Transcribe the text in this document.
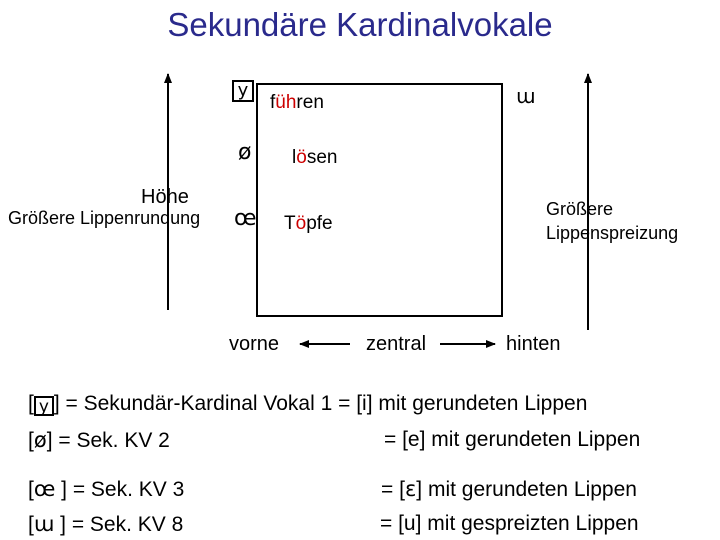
Sekundäre Kardinalvokale
y
ø
œ
ɯ
führen
lösen
Töpfe
Höhe
Größere Lippenrundung	Größere
Lippenspreizung
vorne	zentral	hinten
[ y ] = Sekundär-Kardinal Vokal 1 = [i] mit gerundeten Lippen
[ø] = Sek. KV 2	= [e] mit gerundeten Lippen
[œ ] = Sek. KV 3	= [ɛ] mit gerundeten Lippen
[ɯ ] = Sek. KV 8	= [u] mit gespreizten Lippen
